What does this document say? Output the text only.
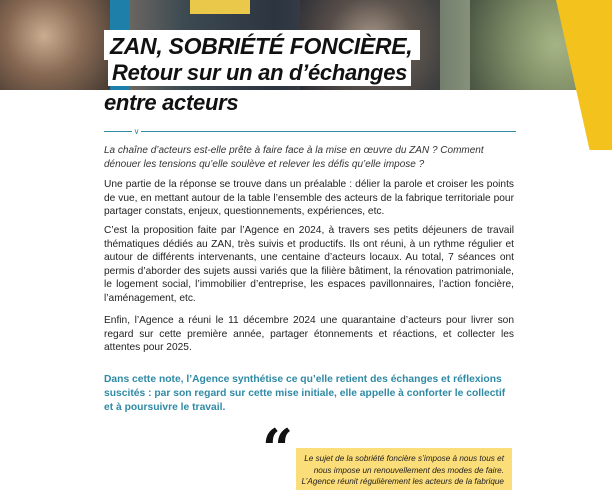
ZAN, SOBRIÉTÉ FONCIÈRE,
Retour sur un an d’échanges
entre acteurs
∨
La chaîne d’acteurs est-elle prête à faire face à la mise en œuvre du ZAN ? Comment dénouer les tensions qu’elle soulève et relever les défis qu’elle impose ?
Une partie de la réponse se trouve dans un préalable : délier la parole et croiser les points de vue, en mettant autour de la table l’ensemble des acteurs de la fabrique territoriale pour partager constats, enjeux, questionnements, expériences, etc.
C’est la proposition faite par l’Agence en 2024, à travers ses petits déjeuners de travail thématiques dédiés au ZAN, très suivis et productifs. Ils ont réuni, à un rythme régulier et autour de différents intervenants, une centaine d’acteurs locaux. Au total, 7 séances ont permis d’aborder des sujets aussi variés que la filière bâtiment, la rénovation patrimoniale, le logement social, l’immobilier d’entreprise, les espaces pavillonnaires, l’action foncière, l’aménagement, etc.
Enfin, l’Agence a réuni le 11 décembre 2024 une quarantaine d’acteurs pour livrer son regard sur cette première année, partager étonnements et réactions, et collecter les attentes pour 2025.
Dans cette note, l’Agence synthétise ce qu’elle retient des échanges et réflexions suscités : par son regard sur cette mise initiale, elle appelle à conforter le collectif et à poursuivre le travail.
“	Le sujet de la sobriété foncière s’impose à nous tous et nous impose un renouvellement des modes de faire. L’Agence réunit régulièrement les acteurs de la fabrique
